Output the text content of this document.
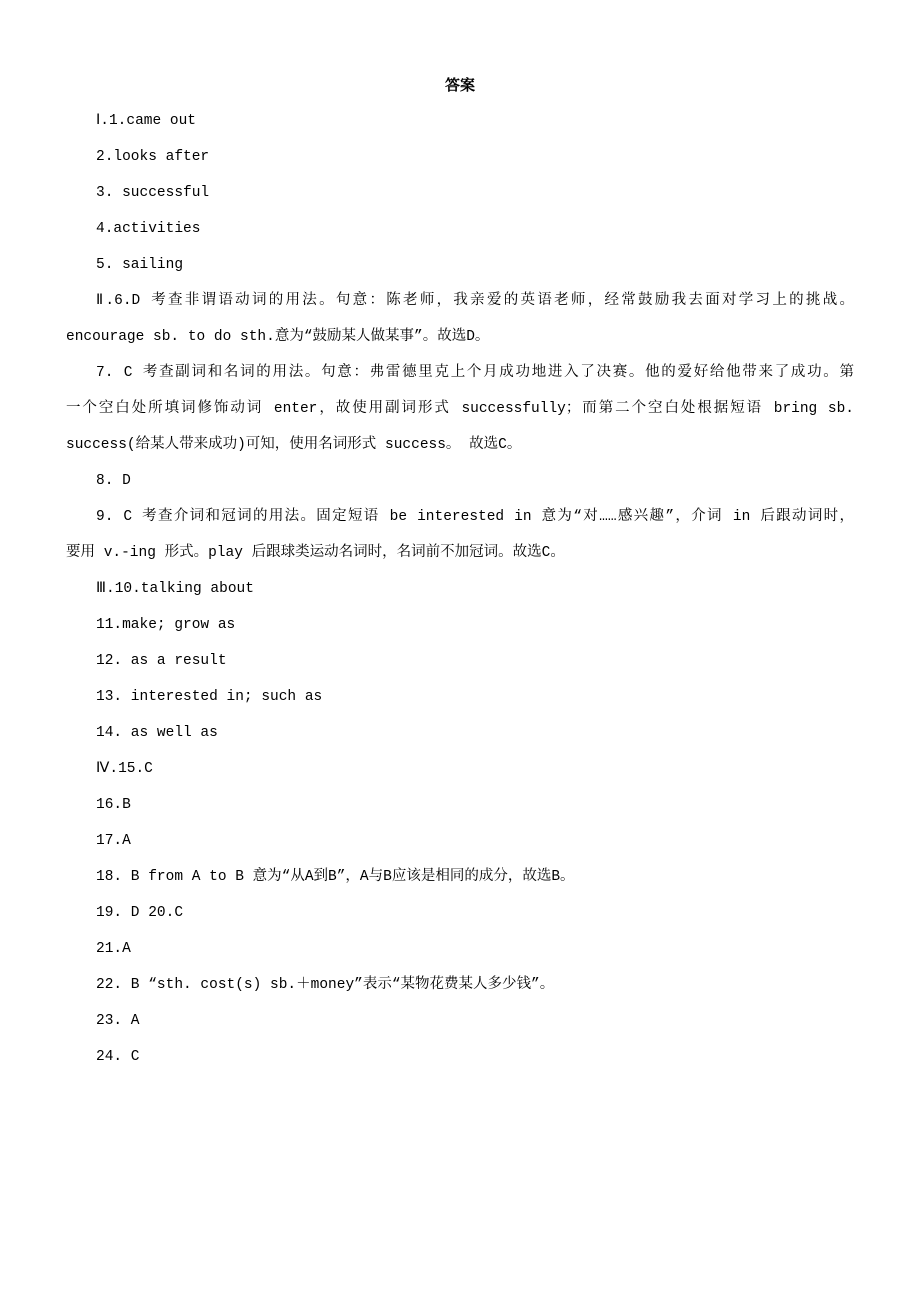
答案
Ⅰ.1.came out
2.looks after
3. successful
4.activities
5. sailing
Ⅱ.6.D 考查非谓语动词的用法。句意：陈老师，我亲爱的英语老师，经常鼓励我去面对学习上的挑战。
encourage sb. to do sth.意为“鼓励某人做某事”。故选D。
7. C 考查副词和名词的用法。句意：弗雷德里克上个月成功地进入了决赛。他的爱好给他带来了成功。第
一个空白处所填词修饰动词 enter，故使用副词形式 successfully；而第二个空白处根据短语 bring sb.
success(给某人带来成功)可知，使用名词形式 success。 故选C。
8. D
9. C 考查介词和冠词的用法。固定短语 be interested in 意为“对……感兴趣”，介词 in 后跟动词时，
要用 v.-ing 形式。play 后跟球类运动名词时，名词前不加冠词。故选C。
Ⅲ.10.talking about
11.make; grow as
12. as a result
13. interested in; such as
14. as well as
Ⅳ.15.C
16.B
17.A
18. B from A to B 意为“从A到B”，A与B应该是相同的成分，故选B。
19. D 20.C
21.A
22. B “sth. cost(s) sb.＋money”表示“某物花费某人多少钱”。
23. A
24. C
